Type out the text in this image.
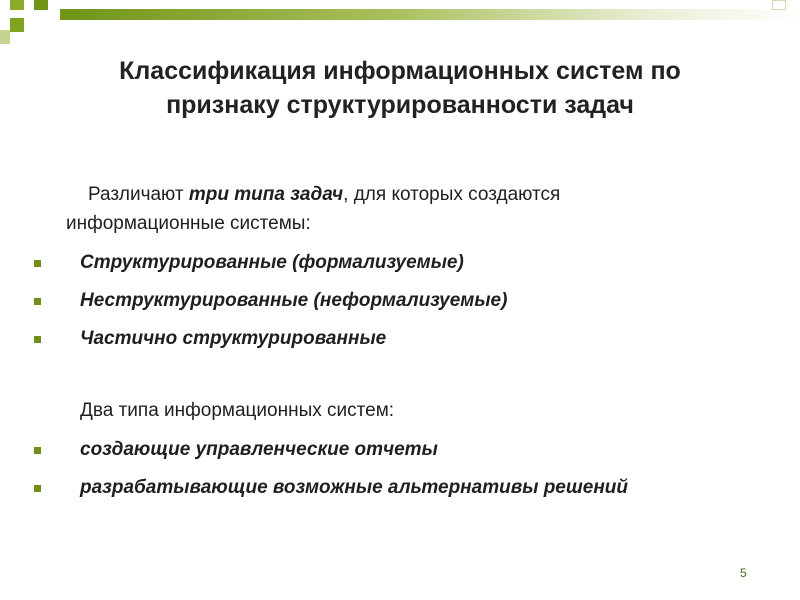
Классификация информационных систем по
признаку структурированности задач
Различают три типа задач, для которых создаются
информационные системы:
Структурированные (формализуемые)
Неструктурированные (неформализуемые)
Частично структурированные
Два типа информационных систем:
создающие управленческие отчеты
разрабатывающие возможные альтернативы решений
5
